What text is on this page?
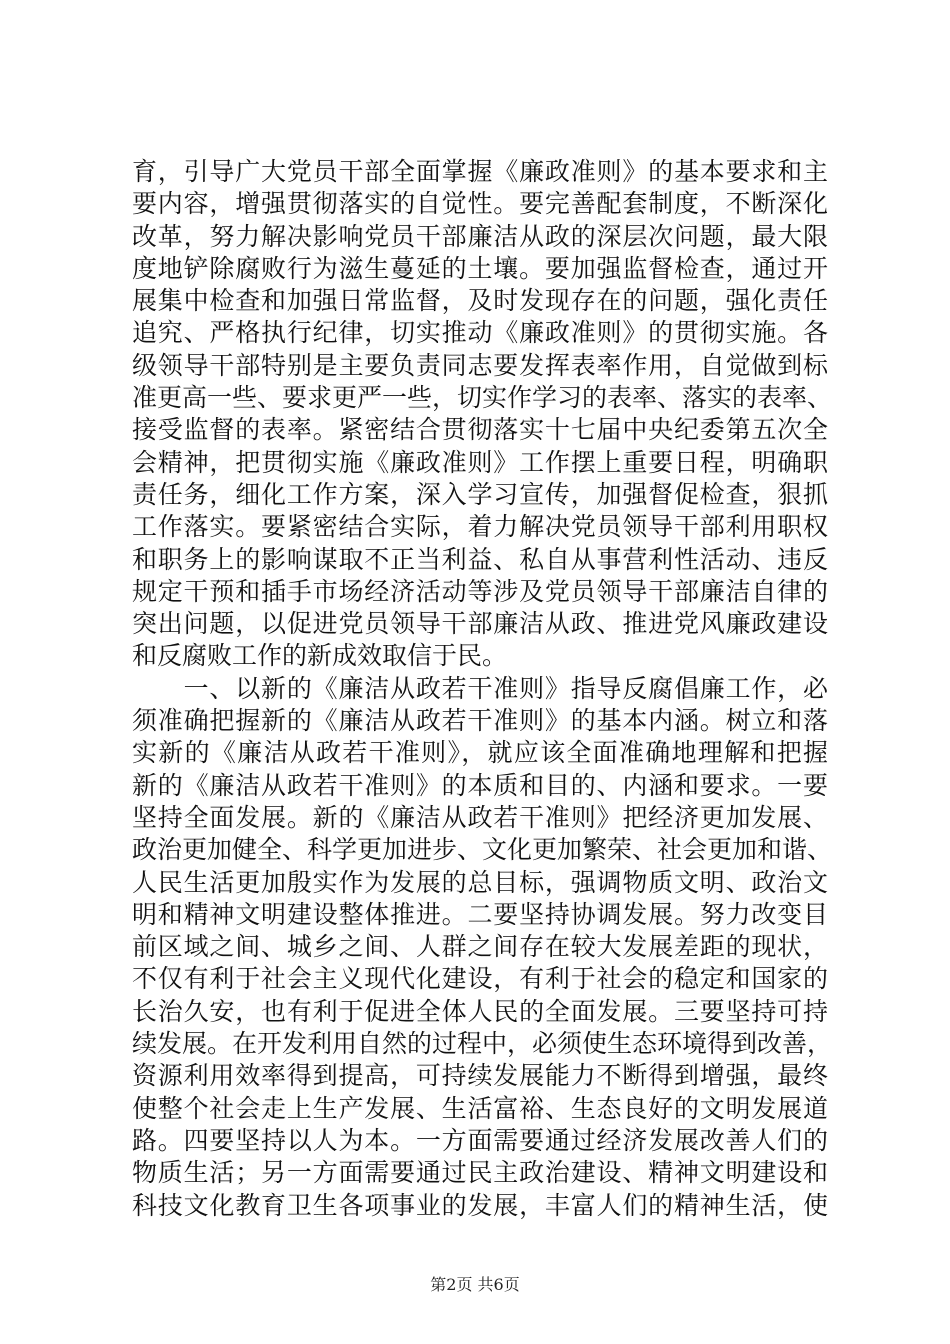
育，引导广大党员干部全面掌握《廉政准则》的基本要求和主
要内容，增强贯彻落实的自觉性。要完善配套制度，不断深化
改革，努力解决影响党员干部廉洁从政的深层次问题，最大限
度地铲除腐败行为滋生蔓延的土壤。要加强监督检查，通过开
展集中检查和加强日常监督，及时发现存在的问题，强化责任
追究、严格执行纪律，切实推动《廉政准则》的贯彻实施。各
级领导干部特别是主要负责同志要发挥表率作用，自觉做到标
准更高一些、要求更严一些，切实作学习的表率、落实的表率、
接受监督的表率。紧密结合贯彻落实十七届中央纪委第五次全
会精神，把贯彻实施《廉政准则》工作摆上重要日程，明确职
责任务，细化工作方案，深入学习宣传，加强督促检查，狠抓
工作落实。要紧密结合实际，着力解决党员领导干部利用职权
和职务上的影响谋取不正当利益、私自从事营利性活动、违反
规定干预和插手市场经济活动等涉及党员领导干部廉洁自律的
突出问题，以促进党员领导干部廉洁从政、推进党风廉政建设
和反腐败工作的新成效取信于民。
　　一、以新的《廉洁从政若干准则》指导反腐倡廉工作，必
须准确把握新的《廉洁从政若干准则》的基本内涵。树立和落
实新的《廉洁从政若干准则》，就应该全面准确地理解和把握
新的《廉洁从政若干准则》的本质和目的、内涵和要求。一要
坚持全面发展。新的《廉洁从政若干准则》把经济更加发展、
政治更加健全、科学更加进步、文化更加繁荣、社会更加和谐、
人民生活更加殷实作为发展的总目标，强调物质文明、政治文
明和精神文明建设整体推进。二要坚持协调发展。努力改变目
前区域之间、城乡之间、人群之间存在较大发展差距的现状，
不仅有利于社会主义现代化建设，有利于社会的稳定和国家的
长治久安，也有利于促进全体人民的全面发展。三要坚持可持
续发展。在开发利用自然的过程中，必须使生态环境得到改善，
资源利用效率得到提高，可持续发展能力不断得到增强，最终
使整个社会走上生产发展、生活富裕、生态良好的文明发展道
路。四要坚持以人为本。一方面需要通过经济发展改善人们的
物质生活；另一方面需要通过民主政治建设、精神文明建设和
科技文化教育卫生各项事业的发展，丰富人们的精神生活，使
第2页 共6页
